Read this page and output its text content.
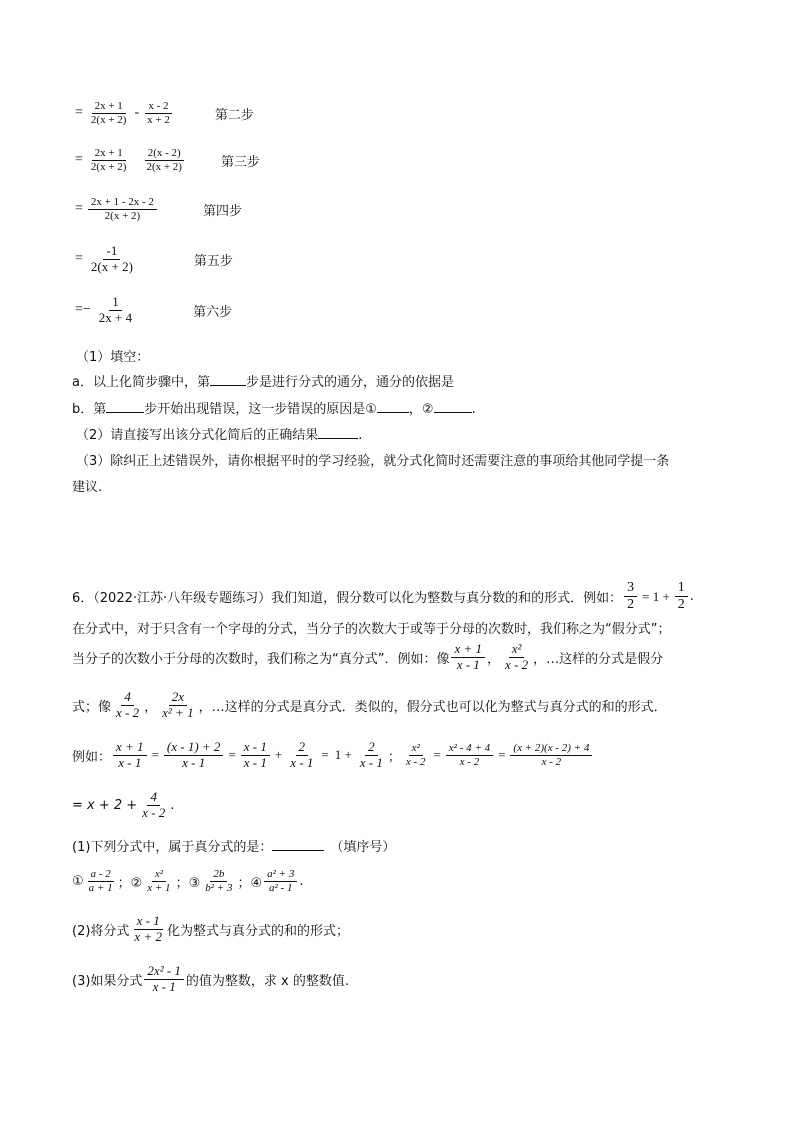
= $\frac{2x + 1}{2(x + 2)} - \frac{x - 2}{x + 2}$	第二步
= $\frac{2x + 1}{2(x + 2)} \frac{2(x - 2)}{2(x + 2)}$	第三步
= $\frac{2x + 1 - 2x - 2}{2(x + 2)}$	第四步
= $\frac{-1}{2(x + 2)}$	第五步
=− $\frac{1}{2x + 4}$	第六步
（1）填空：
a．以上化简步骤中，第	步是进行分式的通分，通分的依据是
b．第	步开始出现错误，这一步错误的原因是① ，②	.
（2）请直接写出该分式化简后的正确结果	.
（3）除纠正上述错误外，请你根据平时的学习经验，就分式化简时还需要注意的事项给其他同学提一条
建议.
6．（2022·江苏·八年级专题练习）我们知道，假分数可以化为整数与真分数的和的形式．例如： $\frac{3}{2} = 1 + \frac{1}{2}$ .
在分式中，对于只含有一个字母的分式，当分子的次数大于或等于分母的次数时，我们称之为“假分式”；
当分子的次数小于分母的次数时，我们称之为“真分式”．例如：像 $\frac{x + 1}{x - 1}$ ， $\frac{\text{x²}}{x - 2}$ ，…这样的分式是假分
式；像 $\frac{4}{x - 2}$ ， $\frac{2x}{\text{x² + 1}}$ ，…这样的分式是真分式．类似的，假分式也可以化为整式与真分式的和的形式．
例如： $\frac{x + 1}{x - 1} = \frac{(x - 1) + 2}{x - 1} = \frac{x - 1}{x - 1} + \frac{2}{x - 1} = 1 + \frac{2}{x - 1}$ ； $\frac{\text{x²}}{x - 2} = \frac{\text{x² - 4 + 4}}{x - 2} = \frac{(x + 2)(x - 2) + 4}{x - 2}$
= $x + 2 + \frac{4}{x - 2}$ .
(1)下列分式中，属于真分式的是：	（填序号）
① $\frac{a - 2}{a + 1}$ ；② $\frac{\text{x²}}{x + 1}$ ；③ $\frac{2b}{\text{b² + 3}}$ ；④ $\frac{\text{a² + 3}}{\text{a² - 1}}$ .
(2)将分式 $\frac{x - 1}{x + 2}$ 化为整式与真分式的和的形式；
(3)如果分式 $\frac{\text{2x² - 1}}{x - 1}$ 的值为整数，求 x 的整数值.
